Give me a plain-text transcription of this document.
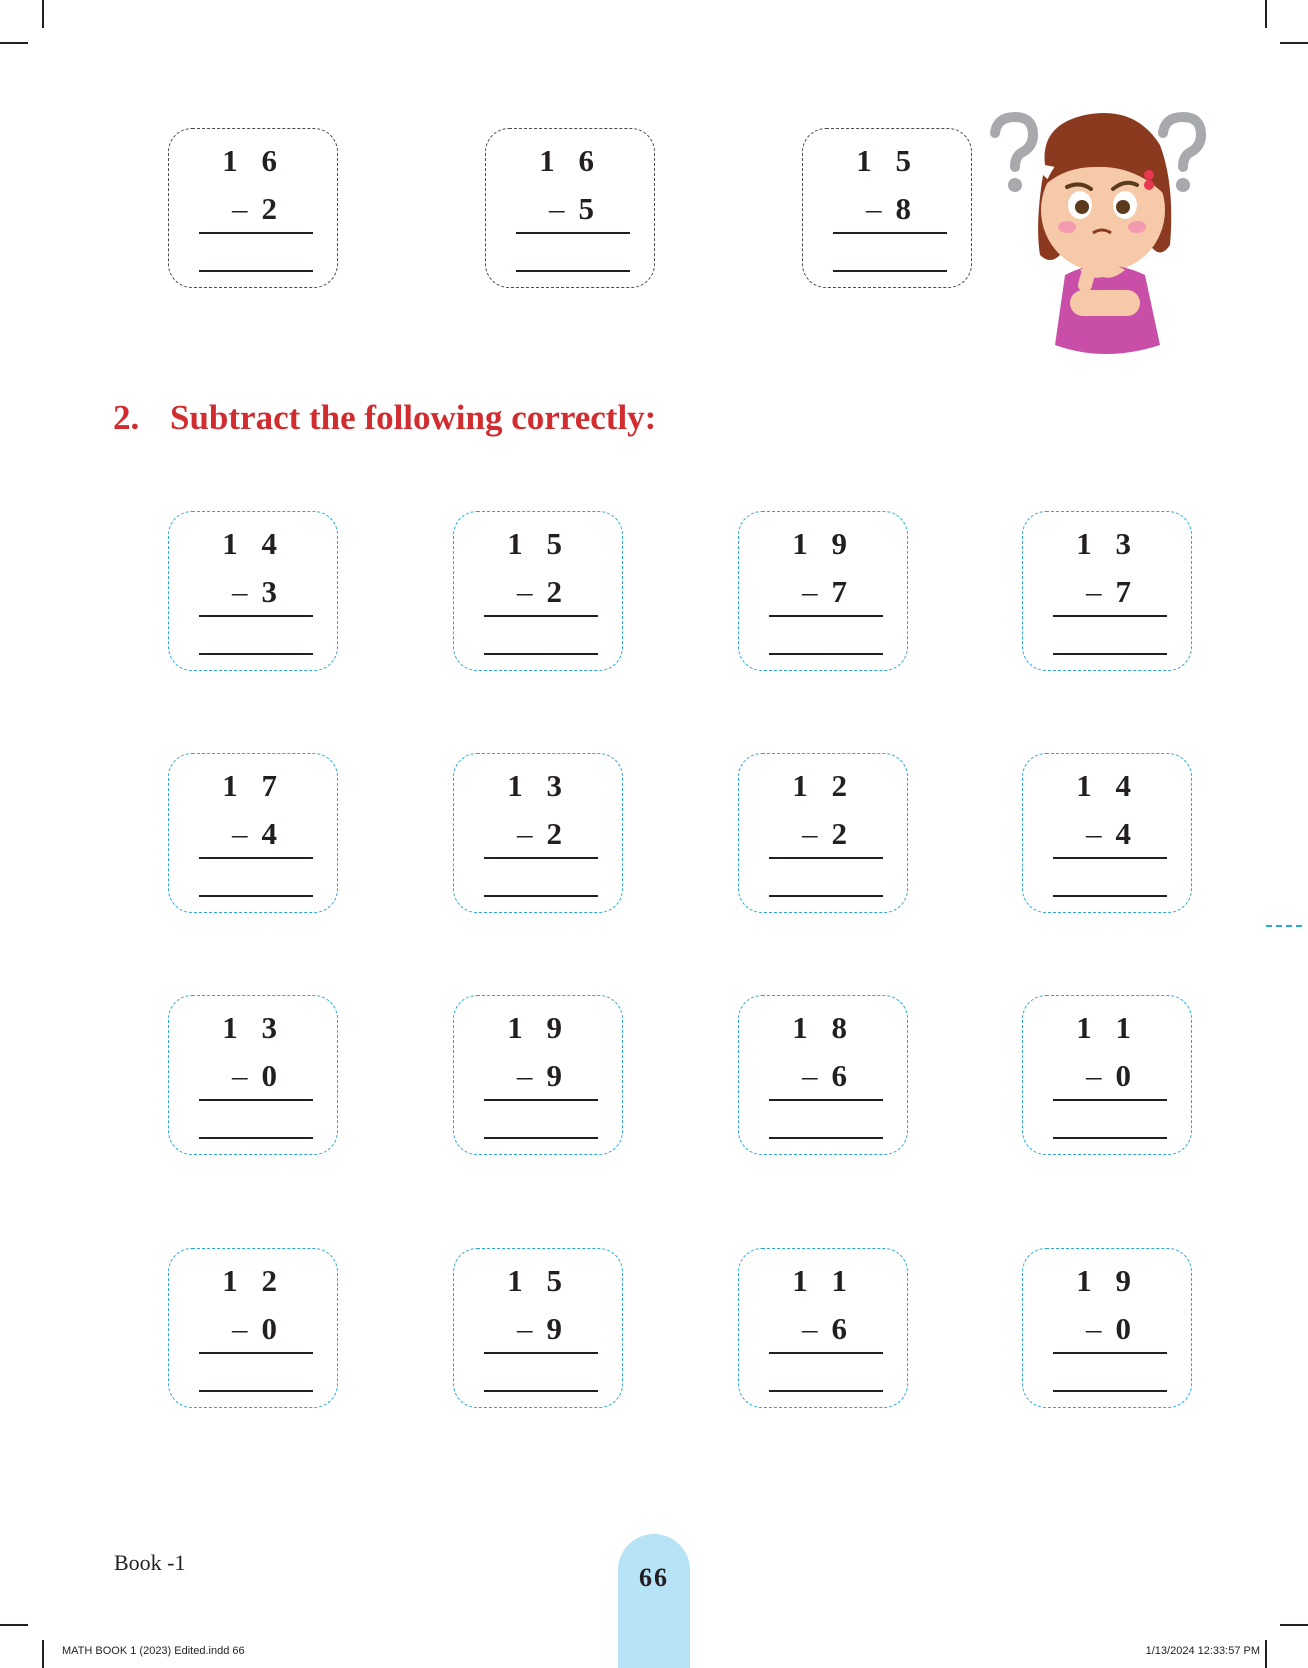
1 6
– 2
1 6
– 5
1 5
– 8
2. Subtract the following correctly:
1 4
– 3
1 5
– 2
1 9
– 7
1 3
– 7
1 7
– 4
1 3
– 2
1 2
– 2
1 4
– 4
1 3
– 0
1 9
– 9
1 8
– 6
1 1
– 0
1 2
– 0
1 5
– 9
1 1
– 6
1 9
– 0
Book -1
66
MATH BOOK 1 (2023) Edited.indd 66	1/13/2024 12:33:57 PM
